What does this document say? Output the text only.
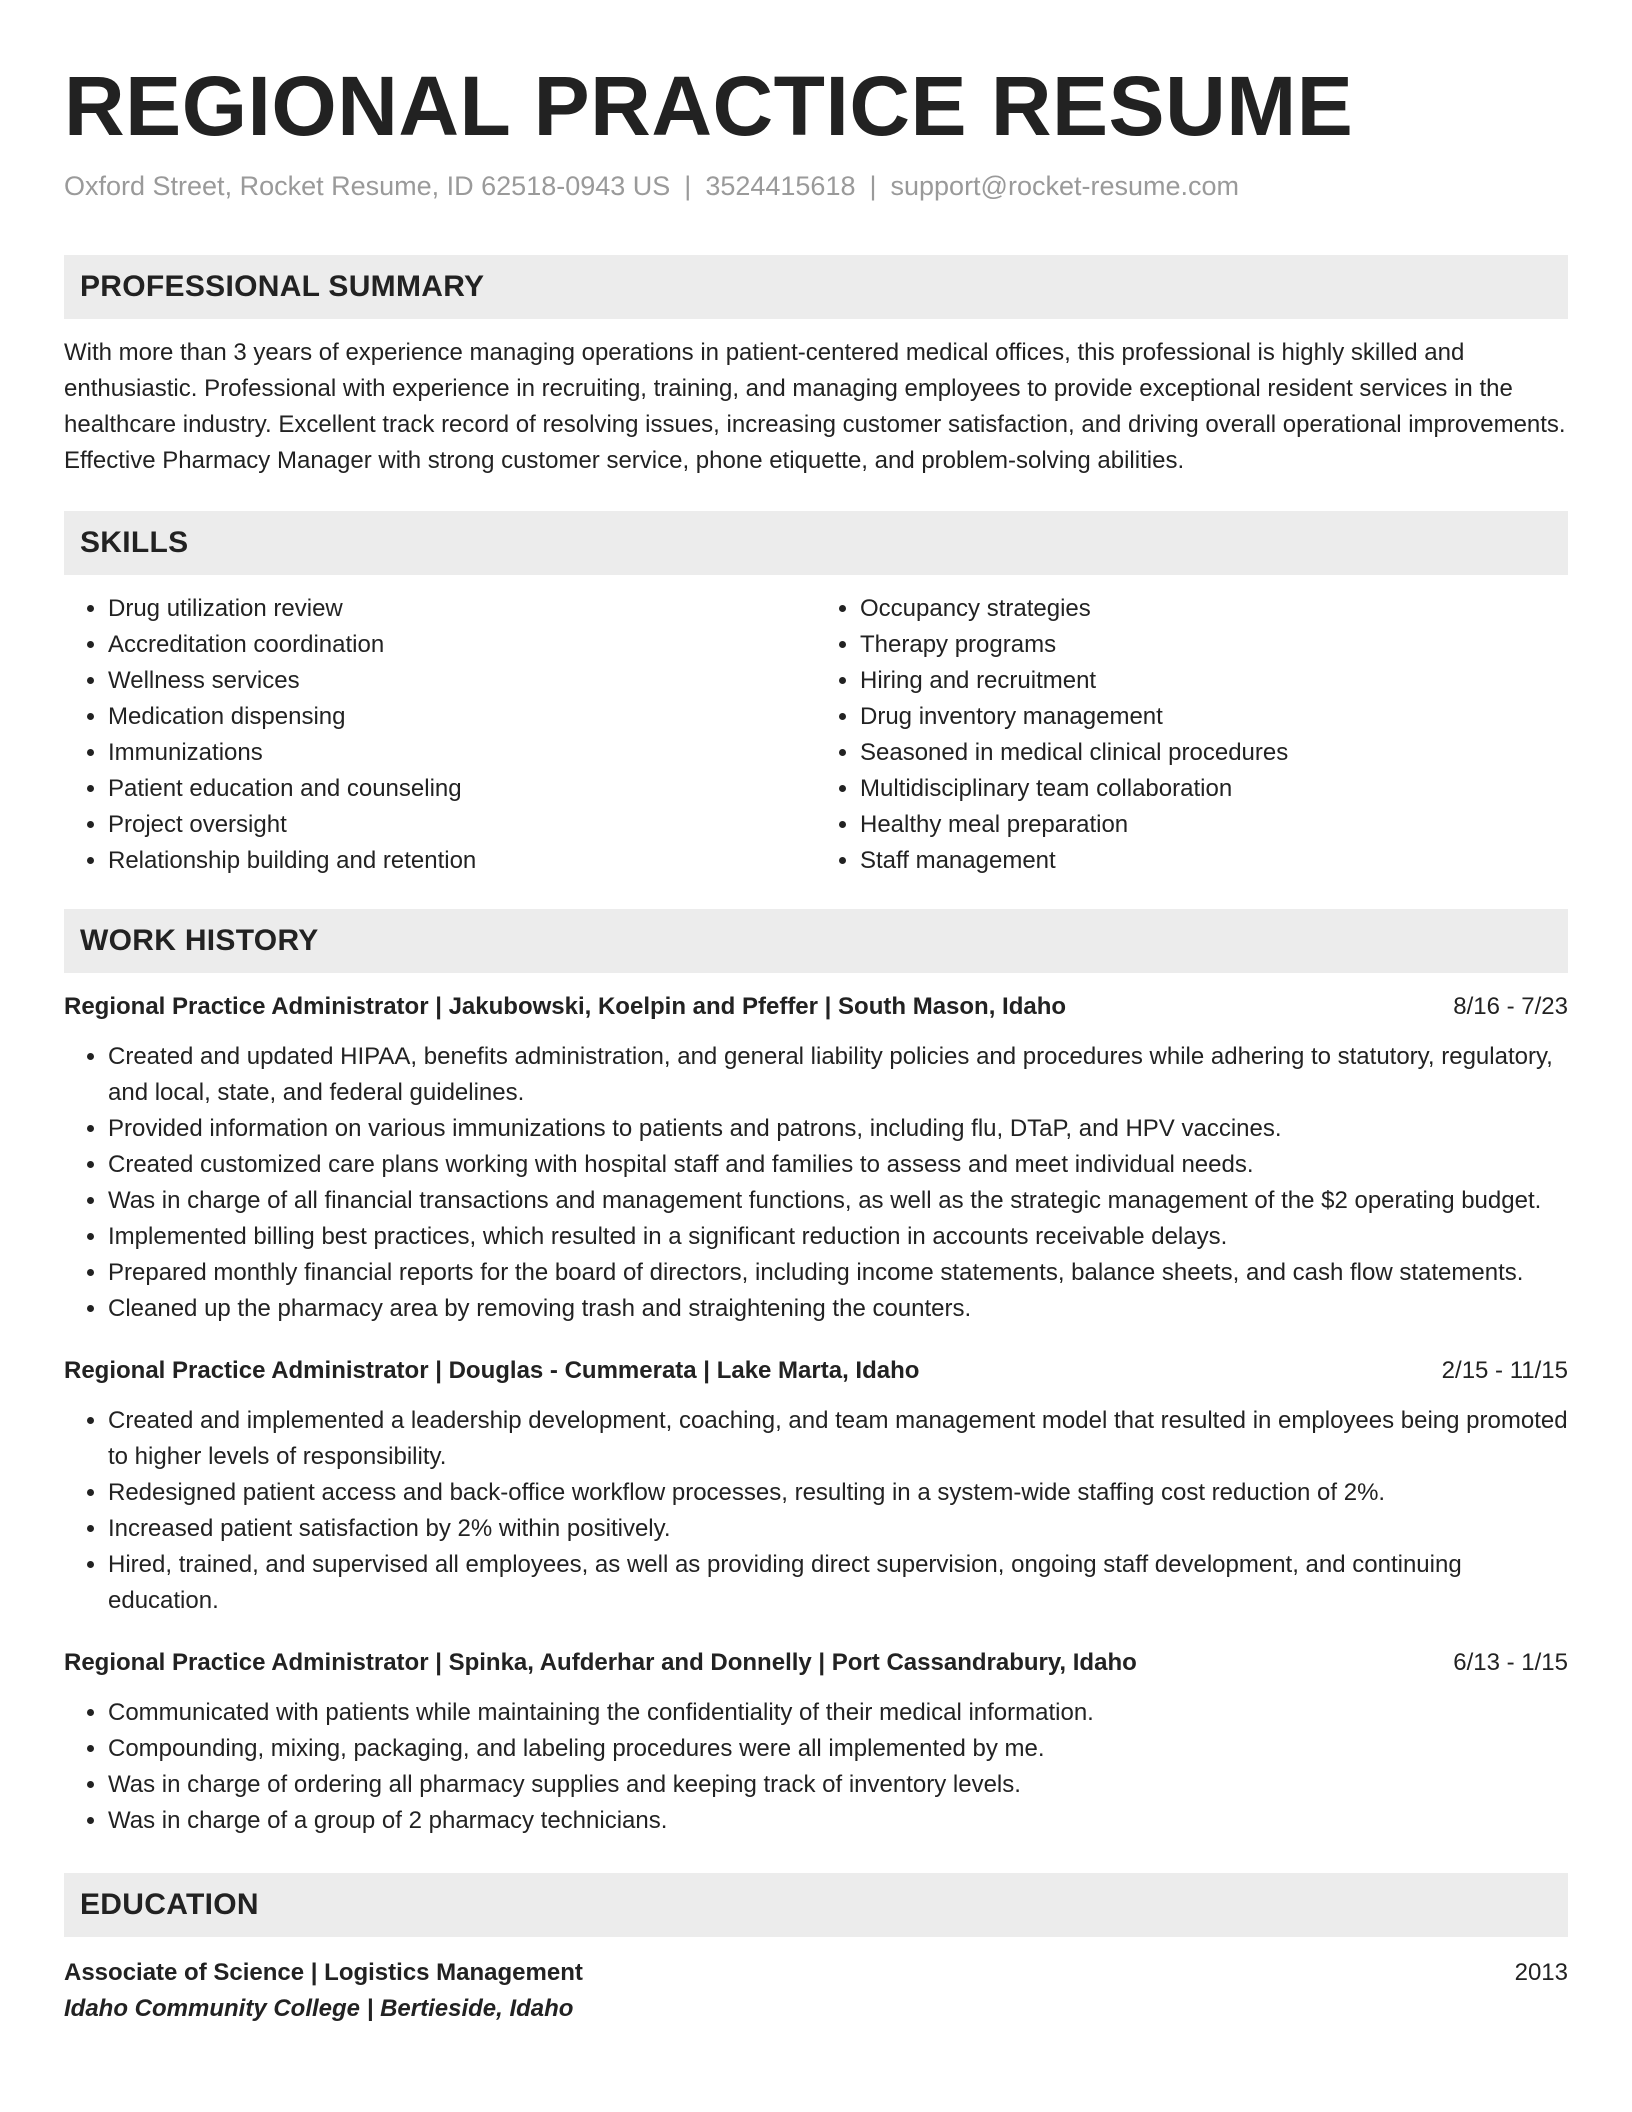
REGIONAL PRACTICE RESUME
Oxford Street, Rocket Resume, ID 62518-0943 US | 3524415618 | support@rocket-resume.com
PROFESSIONAL SUMMARY
With more than 3 years of experience managing operations in patient-centered medical offices, this professional is highly skilled and enthusiastic. Professional with experience in recruiting, training, and managing employees to provide exceptional resident services in the healthcare industry. Excellent track record of resolving issues, increasing customer satisfaction, and driving overall operational improvements. Effective Pharmacy Manager with strong customer service, phone etiquette, and problem-solving abilities.
SKILLS
• Drug utilization review
• Accreditation coordination
• Wellness services
• Medication dispensing
• Immunizations
• Patient education and counseling
• Project oversight
• Relationship building and retention
• Occupancy strategies
• Therapy programs
• Hiring and recruitment
• Drug inventory management
• Seasoned in medical clinical procedures
• Multidisciplinary team collaboration
• Healthy meal preparation
• Staff management
WORK HISTORY
Regional Practice Administrator | Jakubowski, Koelpin and Pfeffer | South Mason, Idaho	8/16 - 7/23
• Created and updated HIPAA, benefits administration, and general liability policies and procedures while adhering to statutory, regulatory, and local, state, and federal guidelines.
• Provided information on various immunizations to patients and patrons, including flu, DTaP, and HPV vaccines.
• Created customized care plans working with hospital staff and families to assess and meet individual needs.
• Was in charge of all financial transactions and management functions, as well as the strategic management of the $2 operating budget.
• Implemented billing best practices, which resulted in a significant reduction in accounts receivable delays.
• Prepared monthly financial reports for the board of directors, including income statements, balance sheets, and cash flow statements.
• Cleaned up the pharmacy area by removing trash and straightening the counters.
Regional Practice Administrator | Douglas - Cummerata | Lake Marta, Idaho	2/15 - 11/15
• Created and implemented a leadership development, coaching, and team management model that resulted in employees being promoted to higher levels of responsibility.
• Redesigned patient access and back-office workflow processes, resulting in a system-wide staffing cost reduction of 2%.
• Increased patient satisfaction by 2% within positively.
• Hired, trained, and supervised all employees, as well as providing direct supervision, ongoing staff development, and continuing education.
Regional Practice Administrator | Spinka, Aufderhar and Donnelly | Port Cassandrabury, Idaho	6/13 - 1/15
• Communicated with patients while maintaining the confidentiality of their medical information.
• Compounding, mixing, packaging, and labeling procedures were all implemented by me.
• Was in charge of ordering all pharmacy supplies and keeping track of inventory levels.
• Was in charge of a group of 2 pharmacy technicians.
EDUCATION
Associate of Science | Logistics Management	2013
Idaho Community College | Bertieside, Idaho
